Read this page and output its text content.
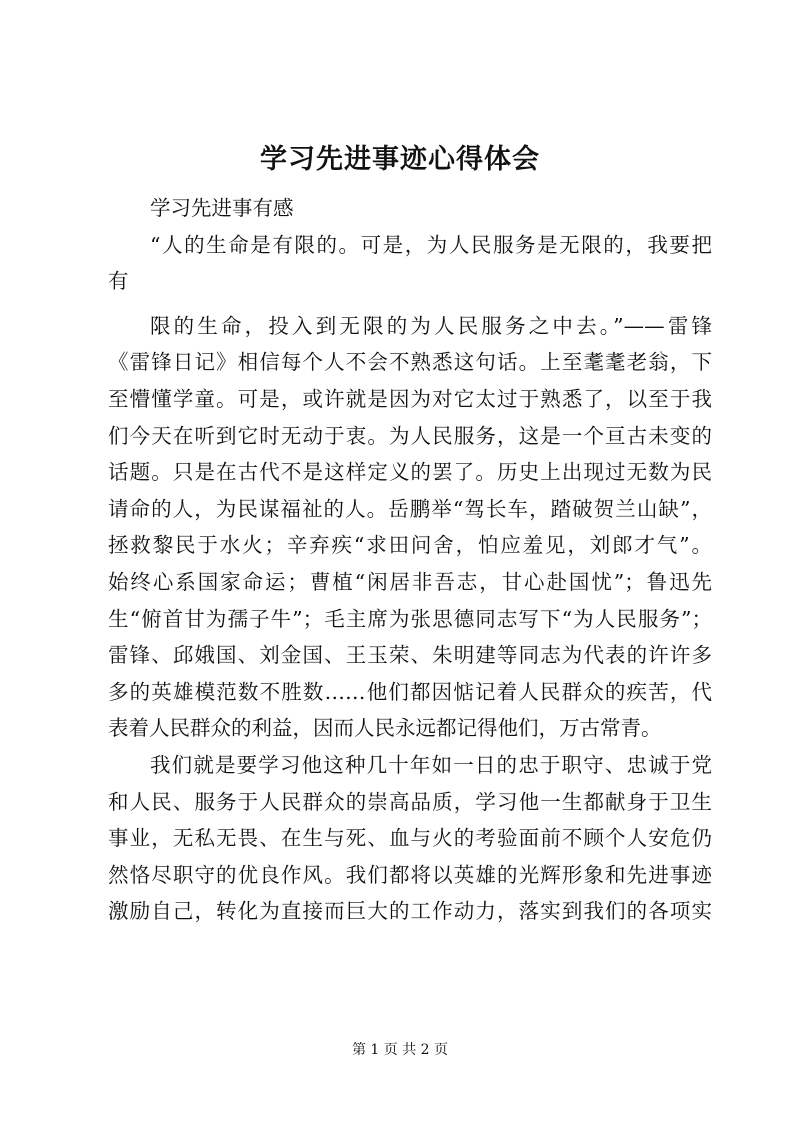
学习先进事迹心得体会
学习先进事有感
“人的生命是有限的。可是，为人民服务是无限的，我要把
有
限的生命，投入到无限的为人民服务之中去。”——雷锋
《雷锋日记》相信每个人不会不熟悉这句话。上至耄耄老翁，下
至懵懂学童。可是，或许就是因为对它太过于熟悉了，以至于我
们今天在听到它时无动于衷。为人民服务，这是一个亘古未变的
话题。只是在古代不是这样定义的罢了。历史上出现过无数为民
请命的人，为民谋福祉的人。岳鹏举“驾长车，踏破贺兰山缺”，
拯救黎民于水火；辛弃疾“求田问舍，怕应羞见，刘郎才气”。
始终心系国家命运；曹植“闲居非吾志，甘心赴国忧”；鲁迅先
生“俯首甘为孺子牛”；毛主席为张思德同志写下“为人民服务”；
雷锋、邱娥国、刘金国、王玉荣、朱明建等同志为代表的许许多
多的英雄模范数不胜数……他们都因惦记着人民群众的疾苦，代
表着人民群众的利益，因而人民永远都记得他们，万古常青。
我们就是要学习他这种几十年如一日的忠于职守、忠诚于党
和人民、服务于人民群众的崇高品质，学习他一生都献身于卫生
事业，无私无畏、在生与死、血与火的考验面前不顾个人安危仍
然恪尽职守的优良作风。我们都将以英雄的光辉形象和先进事迹
激励自己，转化为直接而巨大的工作动力，落实到我们的各项实
第 1 页 共 2 页
